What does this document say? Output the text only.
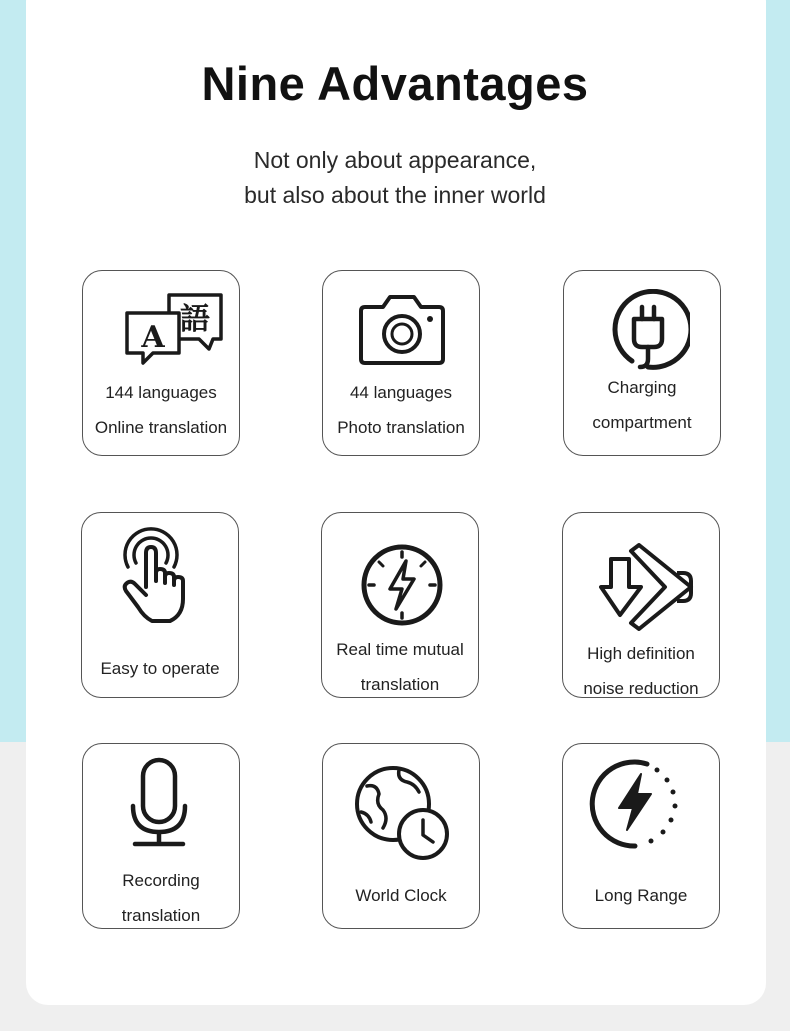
Nine Advantages
Not only about appearance,
but also about the inner world
語
A
144 languages
Online translation
44 languages
Photo translation
Charging
compartment
Easy to operate
Real time mutual
translation
High definition
noise reduction
Recording
translation
World Clock	Long Range
